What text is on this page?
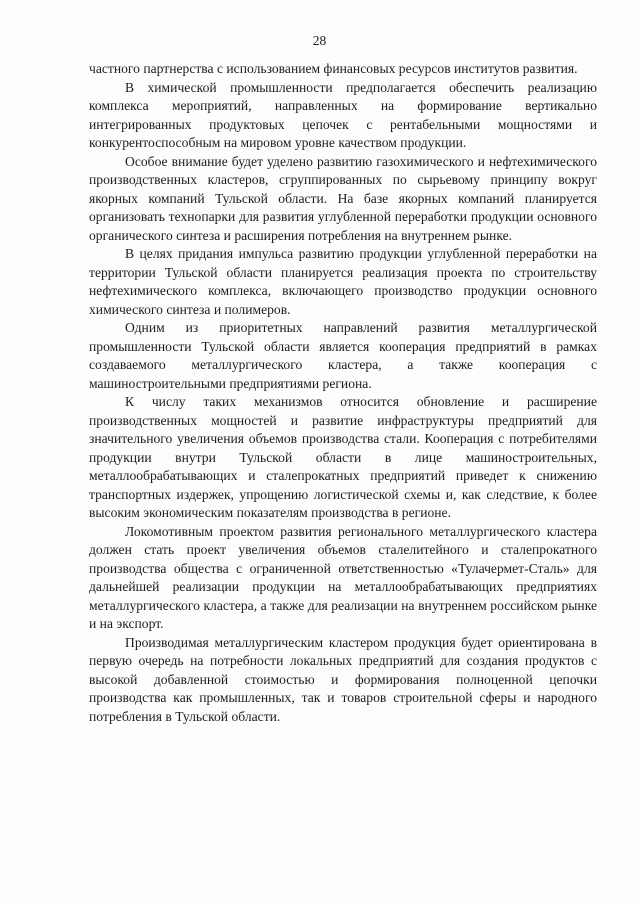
28

частного партнерства с использованием финансовых ресурсов институтов развития.

В химической промышленности предполагается обеспечить реализацию комплекса мероприятий, направленных на формирование вертикально интегрированных продуктовых цепочек с рентабельными мощностями и конкурентоспособным на мировом уровне качеством продукции.

Особое внимание будет уделено развитию газохимического и нефтехимического производственных кластеров, сгруппированных по сырьевому принципу вокруг якорных компаний Тульской области. На базе якорных компаний планируется организовать технопарки для развития углубленной переработки продукции основного органического синтеза и расширения потребления на внутреннем рынке.

В целях придания импульса развитию продукции углубленной переработки на территории Тульской области планируется реализация проекта по строительству нефтехимического комплекса, включающего производство продукции основного химического синтеза и полимеров.

Одним из приоритетных направлений развития металлургической промышленности Тульской области является кооперация предприятий в рамках создаваемого металлургического кластера, а также кооперация с машиностроительными предприятиями региона.

К числу таких механизмов относится обновление и расширение производственных мощностей и развитие инфраструктуры предприятий для значительного увеличения объемов производства стали. Кооперация с потребителями продукции внутри Тульской области в лице машиностроительных, металлообрабатывающих и сталепрокатных предприятий приведет к снижению транспортных издержек, упрощению логистической схемы и, как следствие, к более высоким экономическим показателям производства в регионе.

Локомотивным проектом развития регионального металлургического кластера должен стать проект увеличения объемов сталелитейного и сталепрокатного производства общества с ограниченной ответственностью «Тулачермет-Сталь» для дальнейшей реализации продукции на металлообрабатывающих предприятиях металлургического кластера, а также для реализации на внутреннем российском рынке и на экспорт.

Производимая металлургическим кластером продукция будет ориентирована в первую очередь на потребности локальных предприятий для создания продуктов с высокой добавленной стоимостью и формирования полноценной цепочки производства как промышленных, так и товаров строительной сферы и народного потребления в Тульской области.
